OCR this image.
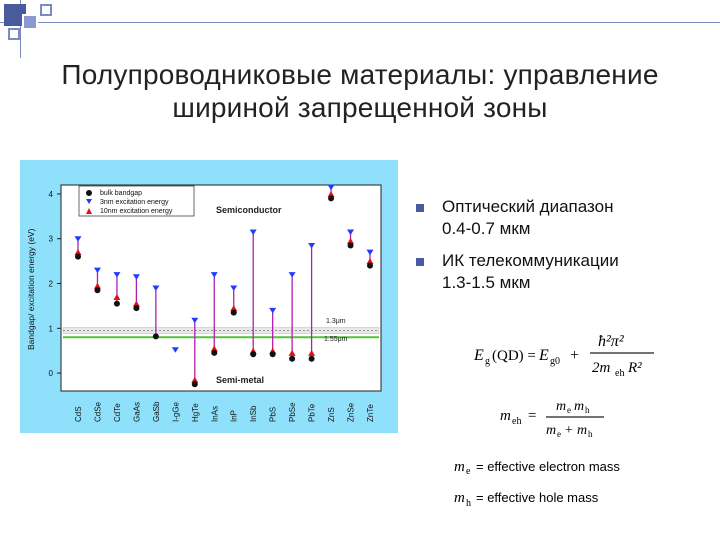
Полупроводниковые материалы: управление
шириной запрещенной зоны
0
1
2
3
4
CdS CdSe CdTe GaAs GaSb I-gGe HgTe InAs InP InSb PbS PbSe PbTe ZnS ZnSe ZnTe
Bandgap/ excitation energy (eV)
bulk bandgap
3nm excitation energy
10nm excitation energy	Semiconductor
Semi-metal
1.3μm
1.55μm
Оптический диапазон
0.4-0.7 мкм
ИК телекоммуникации
1.3-1.5 мкм
E g (QD) = E g0 +
ħ²π²
2m eh R²
m eh =
m e m h
m e + m h
m e = effective electron mass
m h = effective hole mass
